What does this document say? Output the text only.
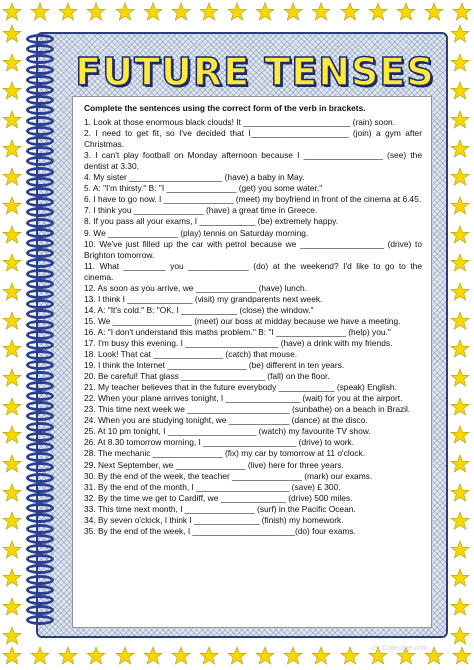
FUTURE TENSES
Complete the sentences using the correct form of the verb in brackets.

1. Look at those enormous black clouds! It _______________________ (rain) soon.

2. I need to get fit, so I've decided that I_____________________ (join) a gym after Christmas.

3. I can't play football on Monday afternoon because I _________________ (see) the dentist at 3.30.

4. My sister ____________________ (have) a baby in May.

5. A: "I'm thirsty." B: "I _______________ (get) you some water."

6. I have to go now. I _______________ (meet) my boyfriend in front of the cinema at 6.45.

7. I think you _______________ (have) a great time in Greece.

8. If you pass all your exams, I ____________ (be) extremely happy.

9. We _______________ (play) tennis on Saturday morning.

10. We've just filled up the car with petrol because we __________________ (drive) to Brighton tomorrow.

11. What _________ you _____________ (do) at the weekend? I'd like to go to the cinema.

12. As soon as you arrive, we _____________ (have) lunch.

13. I think I ______________ (visit) my grandparents next week.

14. A: "It's cold." B: "OK, I ____________ (close) the window."

15. We _________________ (meet) our boss at midday because we have a meeting.

16. A: "I don't understand this maths problem." B: "I _______________ (help) you."

17. I'm busy this evening. I ____________________ (have) a drink with my friends.

18. Look! That cat _______________ (catch) that mouse.

19. I think the Internet _________________ (be) different in ten years.

20. Be careful! That glass __________________ (fall) on the floor.

21. My teacher believes that in the future everybody ____________ (speak) English.

22. When your plane arrives tonight, I ________________ (wait) for you at the airport.

23. This time next week we ______________________ (sunbathe) on a beach in Brazil.

24. When you are studying tonight, we _____________ (dance) at the disco.

25. At 10 pm tonight, I ___________________ (watch) my favourite TV show.

26. At 8.30 tomorrow morning, I ____________________ (drive) to work.

28. The mechanic _______________ (fix) my car by tomorrow at 11 o'clock.

29. Next September, we _______________ (live) here for three years.

30. By the end of the week, the teacher _______________ (mark) our exams.

31. By the end of the month, I ____________________ (save) £ 300.

32. By the time we get to Cardiff, we ______________ (drive) 500 miles.

33. This time next month, I _______________ (surf) in the Pacific Ocean.

34. By seven o'clock, I think I ______________ (finish) my homework.

35. By the end of the week, I ______________________(do) four exams.

iSLCollective.com
